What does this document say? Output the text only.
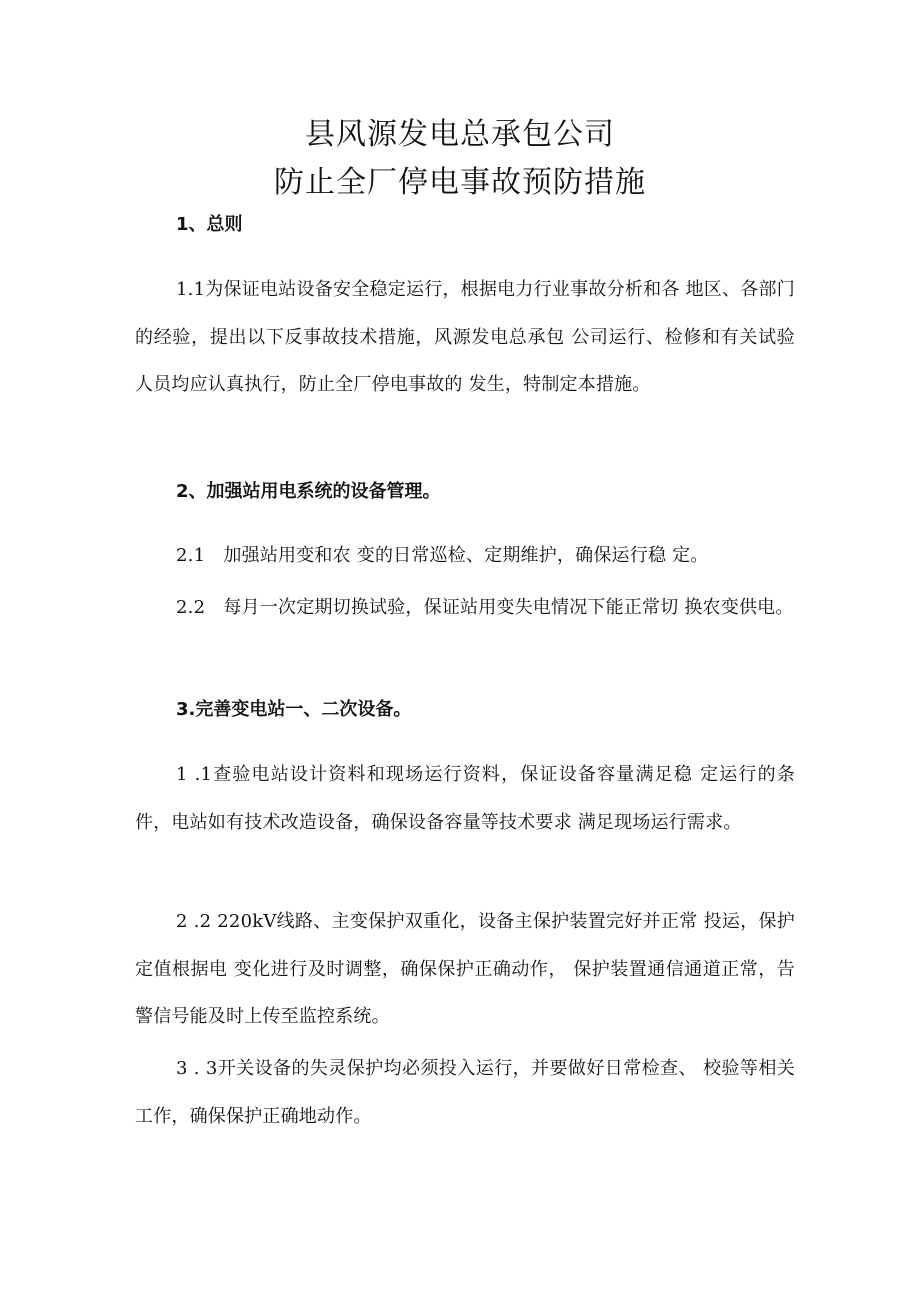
县风源发电总承包公司
防止全厂停电事故预防措施
1、总则

1.1为保证电站设备安全稳定运行，根据电力行业事故分析和各 地区、各部门的经验，提出以下反事故技术措施，风源发电总承包 公司运行、检修和有关试验人员均应认真执行，防止全厂停电事故的 发生，特制定本措施。

2、加强站用电系统的设备管理。

2.1　加强站用变和农 变的日常巡检、定期维护，确保运行稳 定。

2.2　每月一次定期切换试验，保证站用变失电情况下能正常切 换农变供电。

3.完善变电站一、二次设备。

1 .1查验电站设计资料和现场运行资料，保证设备容量满足稳 定运行的条件，电站如有技术改造设备，确保设备容量等技术要求 满足现场运行需求。

2 .2 220kV线路、主变保护双重化，设备主保护装置完好并正常 投运，保护定值根据电 变化进行及时调整，确保保护正确动作， 保护装置通信通道正常，告警信号能及时上传至监控系统。

3 . 3开关设备的失灵保护均必须投入运行，并要做好日常检查、 校验等相关工作，确保保护正确地动作。
